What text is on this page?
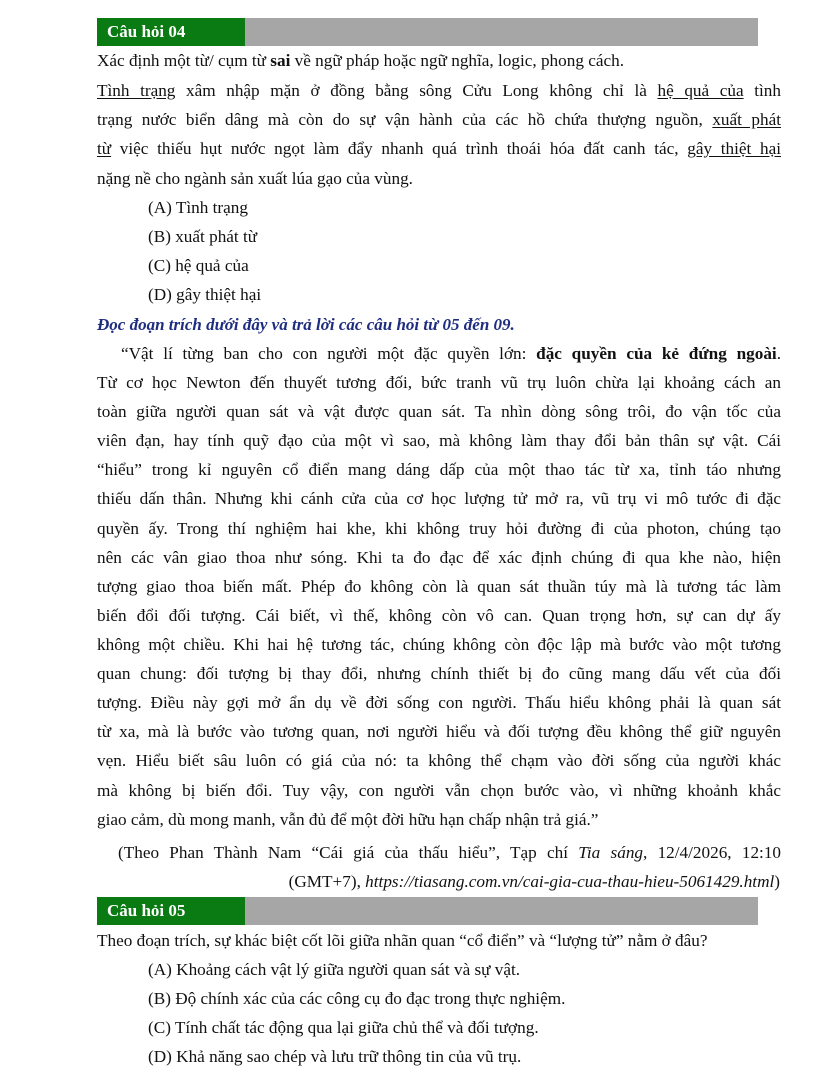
Câu hỏi 04
Xác định một từ/ cụm từ sai về ngữ pháp hoặc ngữ nghĩa, logic, phong cách.
Tình trạng xâm nhập mặn ở đồng bằng sông Cửu Long không chỉ là hệ quả của tình
trạng nước biển dâng mà còn do sự vận hành của các hồ chứa thượng nguồn, xuất phát
từ việc thiếu hụt nước ngọt làm đẩy nhanh quá trình thoái hóa đất canh tác, gây thiệt hại
nặng nề cho ngành sản xuất lúa gạo của vùng.
(A) Tình trạng
(B) xuất phát từ
(C) hệ quả của
(D) gây thiệt hại
Đọc đoạn trích dưới đây và trả lời các câu hỏi từ 05 đến 09.
“Vật lí từng ban cho con người một đặc quyền lớn: đặc quyền của kẻ đứng ngoài.
Từ cơ học Newton đến thuyết tương đối, bức tranh vũ trụ luôn chừa lại khoảng cách an
toàn giữa người quan sát và vật được quan sát. Ta nhìn dòng sông trôi, đo vận tốc của
viên đạn, hay tính quỹ đạo của một vì sao, mà không làm thay đổi bản thân sự vật. Cái
“hiểu” trong kỉ nguyên cổ điển mang dáng dấp của một thao tác từ xa, tỉnh táo nhưng
thiếu dấn thân. Nhưng khi cánh cửa của cơ học lượng tử mở ra, vũ trụ vi mô tước đi đặc
quyền ấy. Trong thí nghiệm hai khe, khi không truy hỏi đường đi của photon, chúng tạo
nên các vân giao thoa như sóng. Khi ta đo đạc để xác định chúng đi qua khe nào, hiện
tượng giao thoa biến mất. Phép đo không còn là quan sát thuần túy mà là tương tác làm
biến đổi đối tượng. Cái biết, vì thế, không còn vô can. Quan trọng hơn, sự can dự ấy
không một chiều. Khi hai hệ tương tác, chúng không còn độc lập mà bước vào một tương
quan chung: đối tượng bị thay đổi, nhưng chính thiết bị đo cũng mang dấu vết của đối
tượng. Điều này gợi mở ẩn dụ về đời sống con người. Thấu hiểu không phải là quan sát
từ xa, mà là bước vào tương quan, nơi người hiểu và đối tượng đều không thể giữ nguyên
vẹn. Hiểu biết sâu luôn có giá của nó: ta không thể chạm vào đời sống của người khác
mà không bị biến đổi. Tuy vậy, con người vẫn chọn bước vào, vì những khoảnh khắc
giao cảm, dù mong manh, vẫn đủ để một đời hữu hạn chấp nhận trả giá.”
(Theo Phan Thành Nam “Cái giá của thấu hiểu”, Tạp chí Tia sáng, 12/4/2026, 12:10
(GMT+7), https://tiasang.com.vn/cai-gia-cua-thau-hieu-5061429.html)
Câu hỏi 05
Theo đoạn trích, sự khác biệt cốt lõi giữa nhãn quan “cổ điển” và “lượng tử” nằm ở đâu?
(A) Khoảng cách vật lý giữa người quan sát và sự vật.
(B) Độ chính xác của các công cụ đo đạc trong thực nghiệm.
(C) Tính chất tác động qua lại giữa chủ thể và đối tượng.
(D) Khả năng sao chép và lưu trữ thông tin của vũ trụ.
